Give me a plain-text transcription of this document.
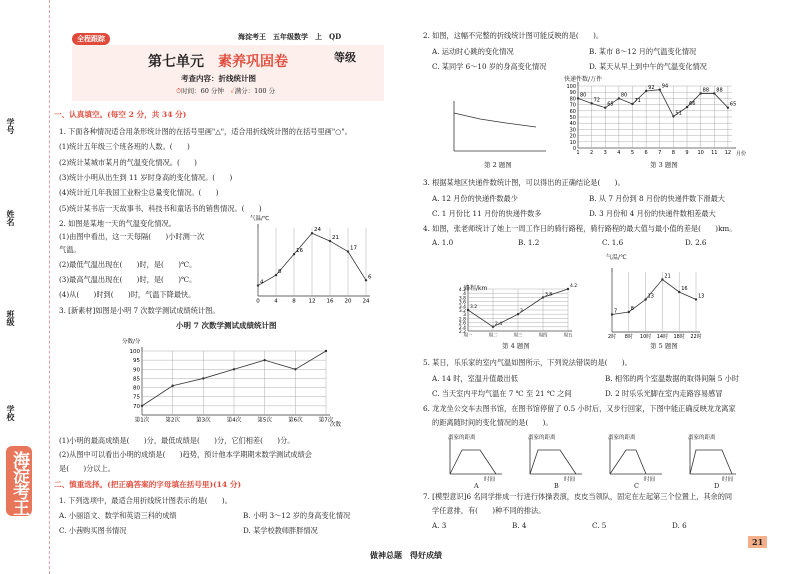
学号
姓名
班级
学校
海淀考王
全程跟踪	海淀考王　 五年级数学　 上　 QD
第七单元　 素养巩固卷	等级
考查内容：折线统计图
⏱时间：60 分钟　 ✓满分：100 分
一、认真填空。(每空 2 分，共 34 分)
1. 下面各种情况适合用条形统计图的在括号里画"△"，适合用折线统计图的在括号里画"○"。
(1)统计五年级三个班各班的人数。(　　)
(2)统计某城市某月的气温变化情况。(　　)
(3)统计小明从出生到 11 岁时身高的变化情况。(　　)
(4)统计近几年我国工业粉尘总量变化情况。(　　)
(5)统计某书店一天故事书、科技书和童话书的销售情况。(　　)
2. 如图是某地一天的气温变化情况。
(1)由图中看出，这一天每隔(　　)小时测一次
气温。
(2)最低气温出现在(　　)时，是(　　)℃。
(3)最高气温出现在(　　)时，是(　　)℃。
(4)从(　　)时到(　　)时，气温下降最快。
3. [新素材]如图是小明 7 次数学测试成绩统计图。
0	4	8 12 16 20 24
4
8
16
24
21
17
6
气温/℃
小明 7 次数学测试成绩统计图
70
75
80
85
90
95
100
第1次	第2次	第3次	第4次	第5次	第6次	第7次
分数/分
次数
(1)小明的最高成绩是(　　)分，最低成绩是(　　)分，它们相差(　　)分。
(2)从图中可以看出小明的成绩是(　　)趋势，预计他本学期期末数学测试成绩会
是(　　)分以上。
二、慎重选择。(把正确答案的字母填在括号里)(14 分)
1. 下列选项中，最适合用折线统计图表示的是(　　)。
A. 小丽语文、数学和英语三科的成绩	B. 小明 3～12 岁的身高变化情况
C. 小茜购买图书情况	D. 某学校教师胖胖情况
2. 如图，这幅不完整的折线统计图可能反映的是(　　)。
A. 运动时心跳的变化情况	B. 某市 8～12 月的气温变化情况
C. 某同学 6～10 岁的身高变化情况	D. 某天从早上到中午的气温变化情况
第 2 题图
0
10
20
30
40
50
60
70
80
90
100
1 2 3 4 5 6 7 8 9 10 11 12
80
72
65
80
71
92 94
51
66
88 88
65
月份
快递件数/万件
第 3 题图
3. 根据某地区快递件数统计图，可以得出的正确结论是(　　)。
A. 12 月份的快递件数最少	B. 从 7 月份到 8 月份的快递件数下滑最大
C. 1 月份比 11 月份的快递件数多	D. 3 月份和 4 月份的快递件数相差最大
4. 如图，张老师统计了她上一周工作日的骑行路程，骑行路程的最大值与最小值的差是(　　)km。
A. 1.0	B. 1.2	C. 1.6	D. 2.6
2.2
2.4
2.6
2.8
3
3.2
3.4
3.6
3.8
4
4.2
周一	周二	周三	周四	周五
3.2
2.4
3
3.8
4.2
路程/km
第 4 题图
2时 8时 10时 14时 18时 22时
7	8
13
21
16
13
气温/℃
第 5 题图
5. 某日，乐乐家的室内气温如图所示，下列说法错误的是(　　)。
A. 14 时，室温升值最出低	B. 相邻的两个室温数据的取得间隔 5 小时
C. 当天室内平均气温在 7 ℃ 至 21 ℃ 之间	D. 2 时乐乐光脚在室内走路容易感冒
6. 龙龙坐公交车去图书馆，在图书馆停留了 0.5 小时后，又步行回家，下图中能正确反映龙龙离家
的距离随时间的变化情况的是(　　)。
离家的距离	离家的距离	离家的距离	离家的距离
时间	时间	时间	时间
A	B	C	D
7. [模型意识]6 名同学排成一行进行体操表演，皮皮当领队，固定在左起第三个位置上，其余的同
学任意排，有(　　)种不同的排法。
A. 3	B. 4	C. 5	D. 6
21
做神总题　得好成绩
